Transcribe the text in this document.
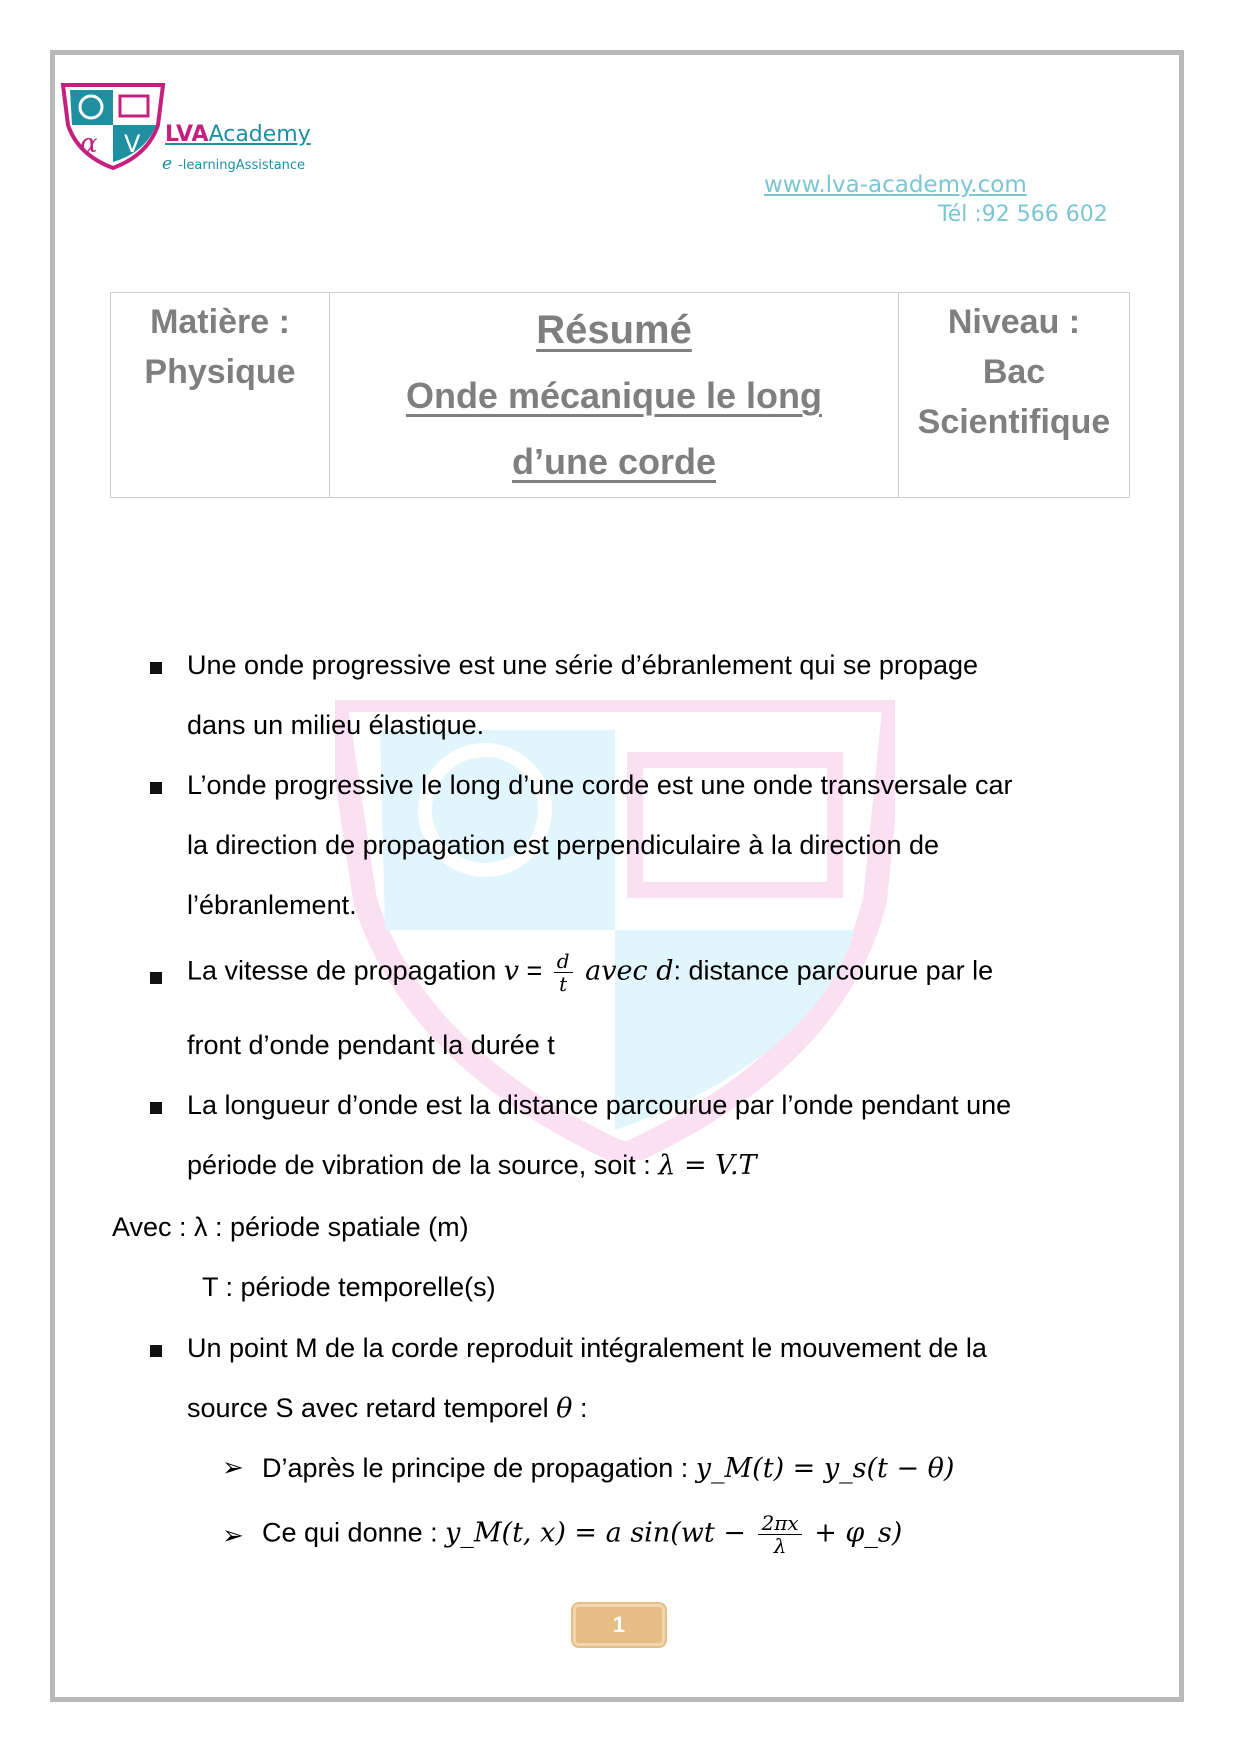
α V LVAAcademy
e -learningAssistance
www.lva-academy.com
Tél :92 566 602
Matière :
Physique

Résumé
Onde mécanique le long
d’une corde

Niveau :
Bac
Scientifique
Une onde progressive est une série d’ébranlement qui se propage
dans un milieu élastique.
L’onde progressive le long d’une corde est une onde transversale car
la direction de propagation est perpendiculaire à la direction de
l’ébranlement.
La vitesse de propagation $v = \frac{d}{t}$ avec d: distance parcourue par le
front d’onde pendant la durée t
La longueur d’onde est la distance parcourue par l’onde pendant une
période de vibration de la source, soit : λ = V.T
Avec : λ : période spatiale (m)
T : période temporelle(s)
Un point M de la corde reproduit intégralement le mouvement de la
source S avec retard temporel θ :
➢ D’après le principe de propagation : y_M(t) = y_s(t − θ)
➢ Ce qui donne : y_M(t, x) = a $\sin(wt - \frac{2\pi x}{\lambda}$ + φ_s)
1
